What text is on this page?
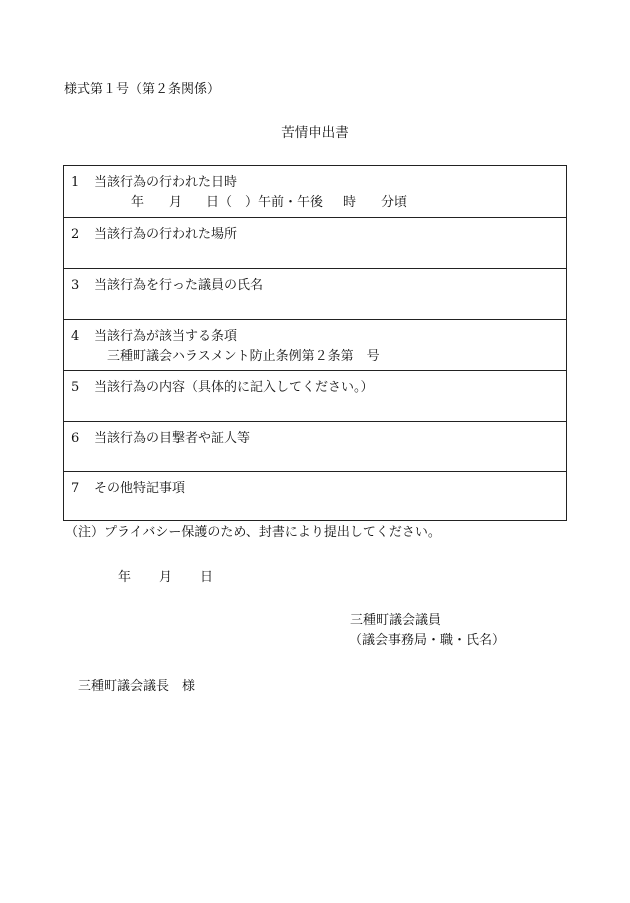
様式第１号（第２条関係）
苦情申出書
1 当該行為の行われた日時
年 月 日（　）午前・午後 時 分頃
2 当該行為の行われた場所
3 当該行為を行った議員の氏名
4 当該行為が該当する条項
三種町議会ハラスメント防止条例第２条第　号
5 当該行為の内容（具体的に記入してください。）
6 当該行為の目撃者や証人等
7 その他特記事項
（注）プライバシー保護のため、封書により提出してください。
年 月 日
三種町議会議員
（議会事務局・職・氏名）
三種町議会議長　様
